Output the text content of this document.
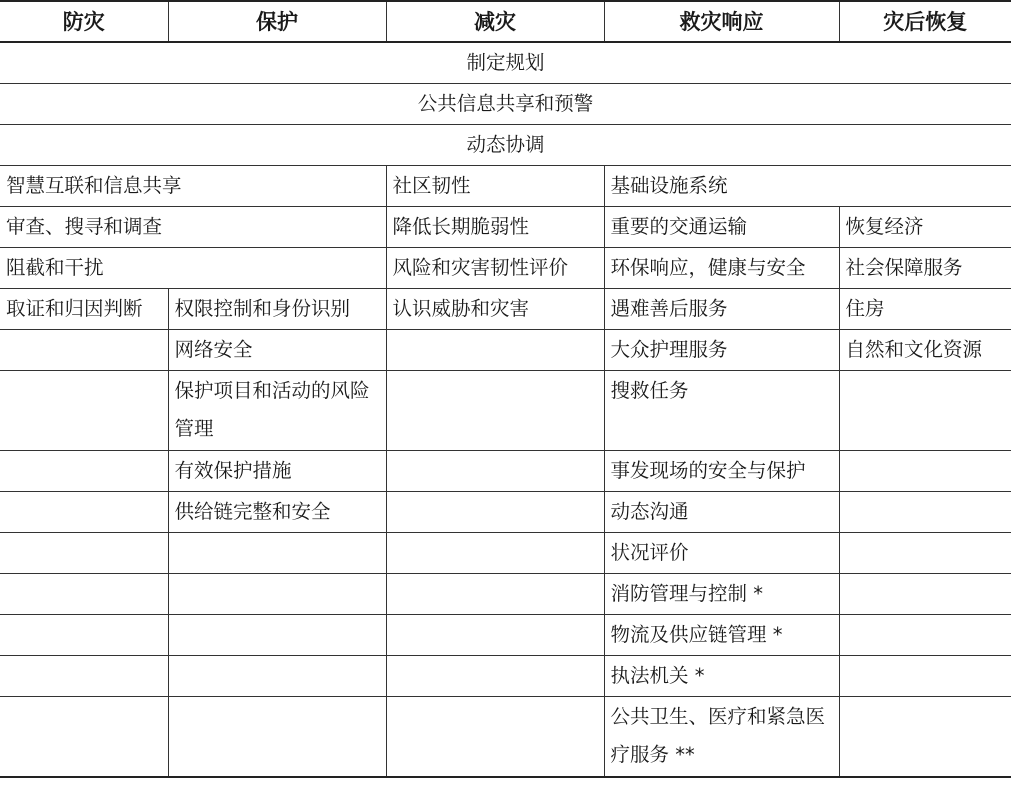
防灾	保护	减灾	救灾响应	灾后恢复
制定规划				
公共信息共享和预警				
动态协调				
智慧互联和信息共享		社区韧性	基础设施系统	
审查、搜寻和调查		降低长期脆弱性	重要的交通运输	恢复经济
阻截和干扰		风险和灾害韧性评价	环保响应，健康与安全	社会保障服务
取证和归因判断	权限控制和身份识别	认识威胁和灾害	遇难善后服务	住房
	网络安全		大众护理服务	自然和文化资源
	保护项目和活动的风险管理		搜救任务	
	有效保护措施		事发现场的安全与保护	
	供给链完整和安全		动态沟通	
			状况评价	
			消防管理与控制 *	
			物流及供应链管理 *	
			执法机关 *	
			公共卫生、医疗和紧急医疗服务 **	
